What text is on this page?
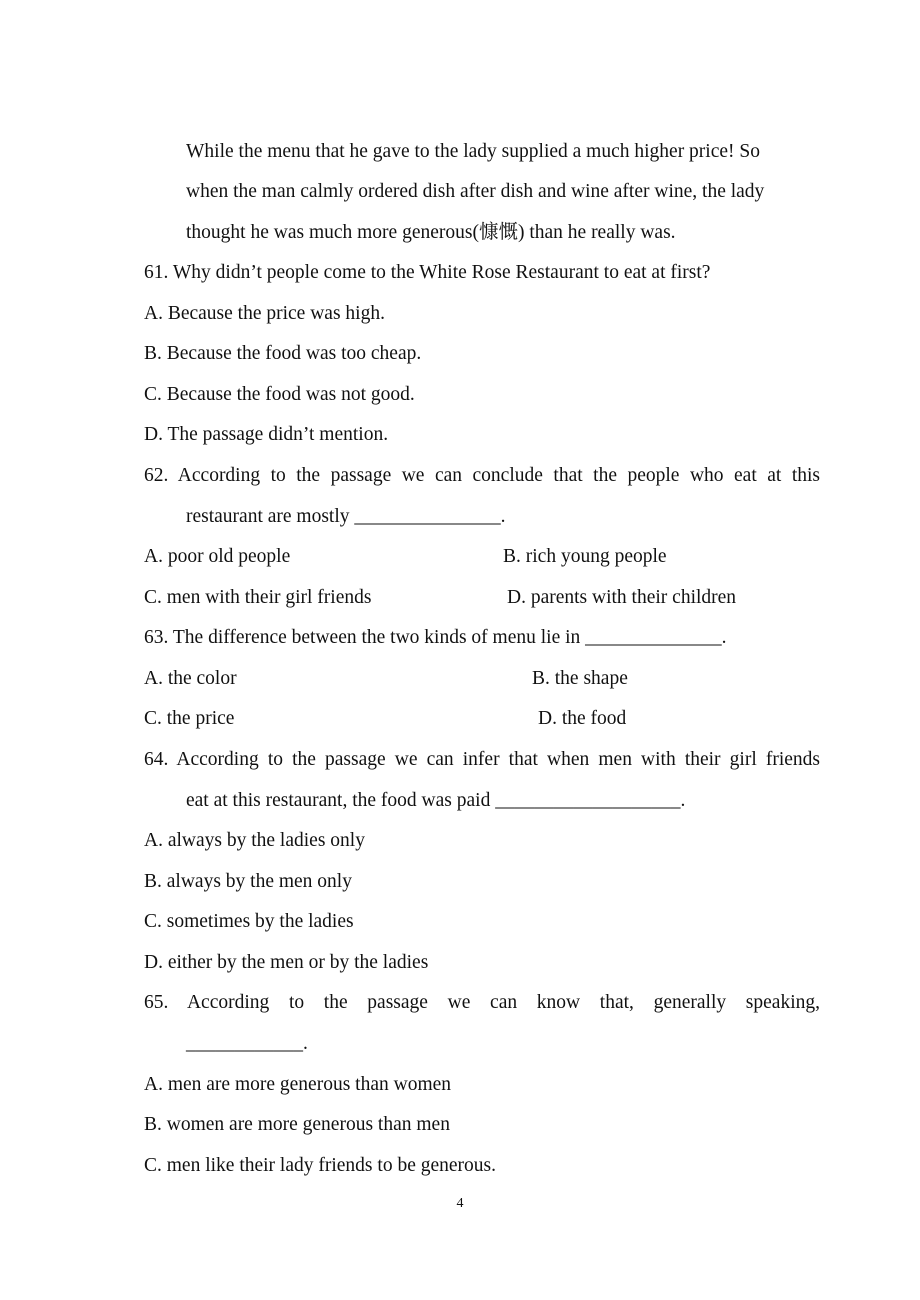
While the menu that he gave to the lady supplied a much higher price! So
when the man calmly ordered dish after dish and wine after wine, the lady
thought he was much more generous(慷慨) than he really was.
61. Why didn’t people come to the White Rose Restaurant to eat at first?
A. Because the price was high.
B. Because the food was too cheap.
C. Because the food was not good.
D. The passage didn’t mention.
62. According to the passage we can conclude that the people who eat at this
restaurant are mostly _______________.
A. poor old people	B. rich young people
C. men with their girl friends	D. parents with their children
63. The difference between the two kinds of menu lie in ______________.
A. the color	B. the shape
C. the price	D. the food
64. According to the passage we can infer that when men with their girl friends
eat at this restaurant, the food was paid ___________________.
A. always by the ladies only
B. always by the men only
C. sometimes by the ladies
D. either by the men or by the ladies
65. According to the passage we can know that, generally speaking,
____________.
A. men are more generous than women
B. women are more generous than men
C. men like their lady friends to be generous.
4
